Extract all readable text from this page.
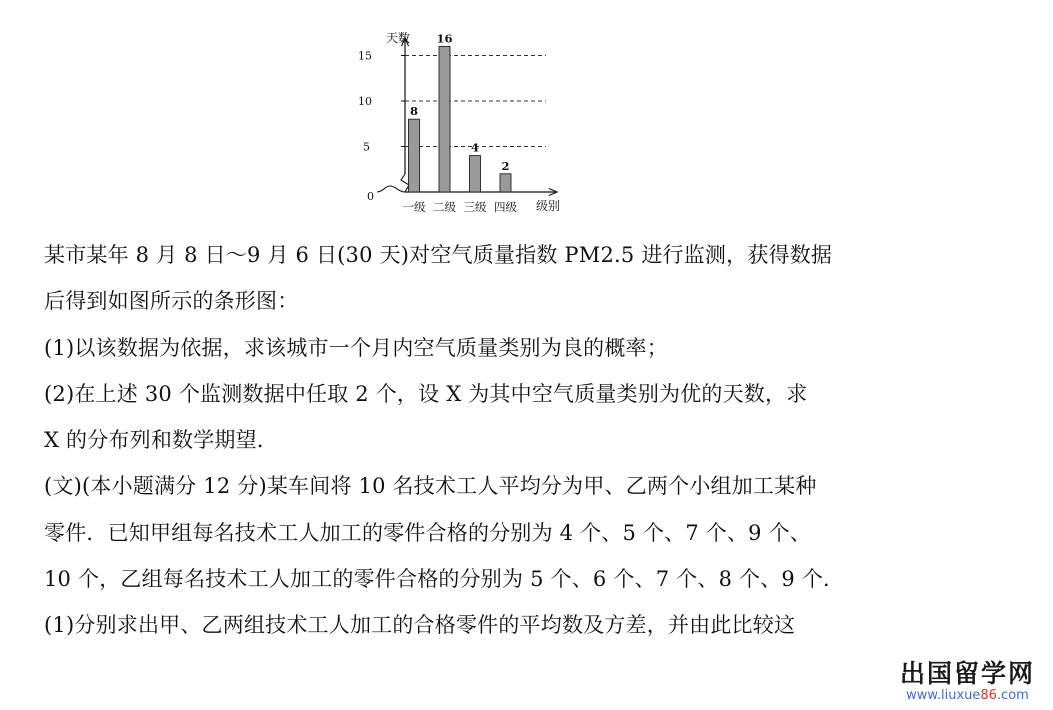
天数
级别
0
5
10
15
8
一级
16
二级
4
三级
2
四级
某市某年 8 月 8 日～9 月 6 日(30 天)对空气质量指数 PM2.5 进行监测，获得数据
后得到如图所示的条形图：
(1)以该数据为依据，求该城市一个月内空气质量类别为良的概率；
(2)在上述 30 个监测数据中任取 2 个，设 X 为其中空气质量类别为优的天数，求
X 的分布列和数学期望．
(文)(本小题满分 12 分)某车间将 10 名技术工人平均分为甲、乙两个小组加工某种
零件．已知甲组每名技术工人加工的零件合格的分别为 4 个、5 个、7 个、9 个、
10 个，乙组每名技术工人加工的零件合格的分别为 5 个、6 个、7 个、8 个、9 个．
(1)分别求出甲、乙两组技术工人加工的合格零件的平均数及方差，并由此比较这
出国留学网
www.liuxue86.com
